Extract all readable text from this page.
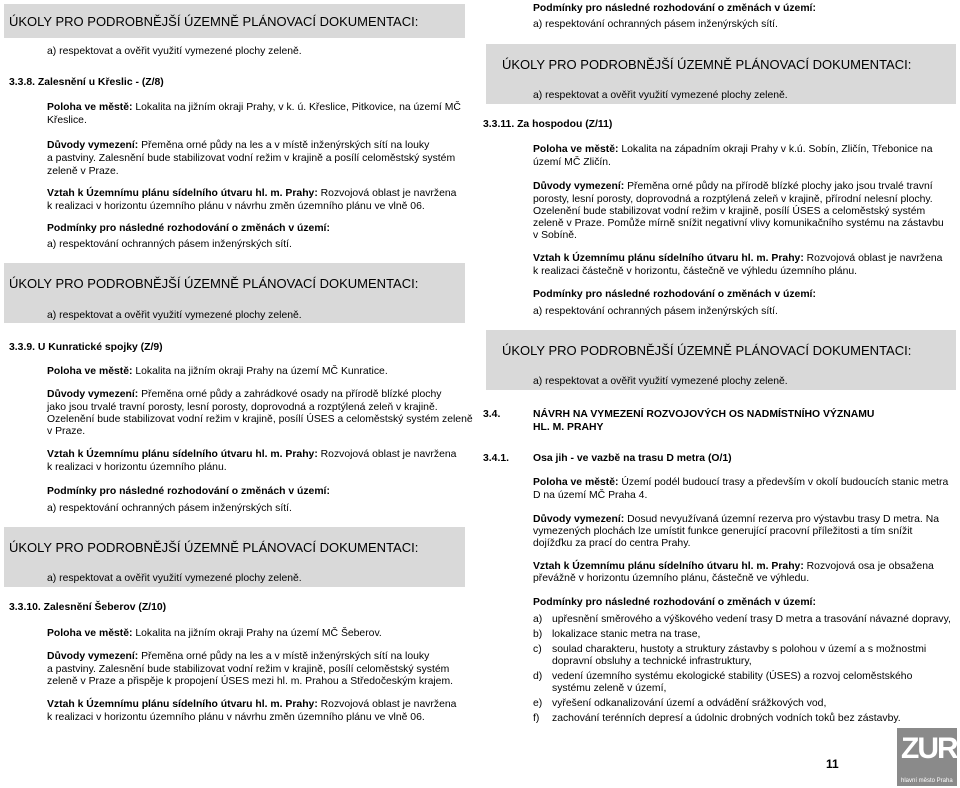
ÚKOLY PRO PODROBNĚJŠÍ ÚZEMNĚ PLÁNOVACÍ DOKUMENTACI:
a) respektovat a ověřit využití vymezené plochy zeleně.
3.3.8. Zalesnění u Křeslic - (Z/8)
Poloha ve městě: Lokalita na jižním okraji Prahy, v k. ú. Křeslice, Pitkovice, na území MČ
Křeslice.
Důvody vymezení: Přeměna orné půdy na les a v místě inženýrských sítí na louky
a pastviny. Zalesnění bude stabilizovat vodní režim v krajině a posílí celoměstský systém
zeleně v Praze.
Vztah k Územnímu plánu sídelního útvaru hl. m. Prahy: Rozvojová oblast je navržena
k realizaci v horizontu územního plánu v návrhu změn územního plánu ve vlně 06.
Podmínky pro následné rozhodování o změnách v území:
a) respektování ochranných pásem inženýrských sítí.
ÚKOLY PRO PODROBNĚJŠÍ ÚZEMNĚ PLÁNOVACÍ DOKUMENTACI:
a) respektovat a ověřit využití vymezené plochy zeleně.
3.3.9. U Kunratické spojky (Z/9)
Poloha ve městě: Lokalita na jižním okraji Prahy na území MČ Kunratice.
Důvody vymezení: Přeměna orné půdy a zahrádkové osady na přírodě blízké plochy
jako jsou trvalé travní porosty, lesní porosty, doprovodná a rozptýlená zeleň v krajině.
Ozelenění bude stabilizovat vodní režim v krajině, posílí ÚSES a celoměstský systém zeleně
v Praze.
Vztah k Územnímu plánu sídelního útvaru hl. m. Prahy: Rozvojová oblast je navržena
k realizaci v horizontu územního plánu.
Podmínky pro následné rozhodování o změnách v území:
a) respektování ochranných pásem inženýrských sítí.
ÚKOLY PRO PODROBNĚJŠÍ ÚZEMNĚ PLÁNOVACÍ DOKUMENTACI:
a) respektovat a ověřit využití vymezené plochy zeleně.
3.3.10. Zalesnění Šeberov (Z/10)
Poloha ve městě: Lokalita na jižním okraji Prahy na území MČ Šeberov.
Důvody vymezení: Přeměna orné půdy na les a v místě inženýrských sítí na louky
a pastviny. Zalesnění bude stabilizovat vodní režim v krajině, posílí celoměstský systém
zeleně v Praze a přispěje k propojení ÚSES mezi hl. m. Prahou a Středočeským krajem.
Vztah k Územnímu plánu sídelního útvaru hl. m. Prahy: Rozvojová oblast je navržena
k realizaci v horizontu územního plánu v návrhu změn územního plánu ve vlně 06.
Podmínky pro následné rozhodování o změnách v území:
a) respektování ochranných pásem inženýrských sítí.
ÚKOLY PRO PODROBNĚJŠÍ ÚZEMNĚ PLÁNOVACÍ DOKUMENTACI:
a) respektovat a ověřit využití vymezené plochy zeleně.
3.3.11. Za hospodou (Z/11)
Poloha ve městě: Lokalita na západním okraji Prahy v k.ú. Sobín, Zličín, Třebonice na
území MČ Zličín.
Důvody vymezení: Přeměna orné půdy na přírodě blízké plochy jako jsou trvalé travní
porosty, lesní porosty, doprovodná a rozptýlená zeleň v krajině, přírodní nelesní plochy.
Ozelenění bude stabilizovat vodní režim v krajině, posílí ÚSES a celoměstský systém
zeleně v Praze. Pomůže mírně snížit negativní vlivy komunikačního systému na zástavbu
v Sobíně.
Vztah k Územnímu plánu sídelního útvaru hl. m. Prahy: Rozvojová oblast je navržena
k realizaci částečně v horizontu, částečně ve výhledu územního plánu.
Podmínky pro následné rozhodování o změnách v území:
a) respektování ochranných pásem inženýrských sítí.
ÚKOLY PRO PODROBNĚJŠÍ ÚZEMNĚ PLÁNOVACÍ DOKUMENTACI:
a) respektovat a ověřit využití vymezené plochy zeleně.
3.4.	NÁVRH NA VYMEZENÍ ROZVOJOVÝCH OS NADMÍSTNÍHO VÝZNAMU
HL. M. PRAHY
3.4.1. Osa jih - ve vazbě na trasu D metra (O/1)
Poloha ve městě: Území podél budoucí trasy a především v okolí budoucích stanic metra
D na území MČ Praha 4.
Důvody vymezení: Dosud nevyužívaná územní rezerva pro výstavbu trasy D metra. Na
vymezených plochách lze umístit funkce generující pracovní příležitosti a tím snížit
dojížďku za prací do centra Prahy.
Vztah k Územnímu plánu sídelního útvaru hl. m. Prahy: Rozvojová osa je obsažena
převážně v horizontu územního plánu, částečně ve výhledu.
Podmínky pro následné rozhodování o změnách v území:
a) upřesnění směrového a výškového vedení trasy D metra a trasování návazné dopravy,
b) lokalizace stanic metra na trase,
c) soulad charakteru, hustoty a struktury zástavby s polohou v území a s možnostmi
dopravní obsluhy a technické infrastruktury,
d) vedení územního systému ekologické stability (ÚSES) a rozvoj celoměstského
systému zeleně v území,
e) vyřešení odkanalizování území a odvádění srážkových vod,
f) zachování terénních depresí a údolnic drobných vodních toků bez zástavby.
11 ZUR
hlavní město Praha
